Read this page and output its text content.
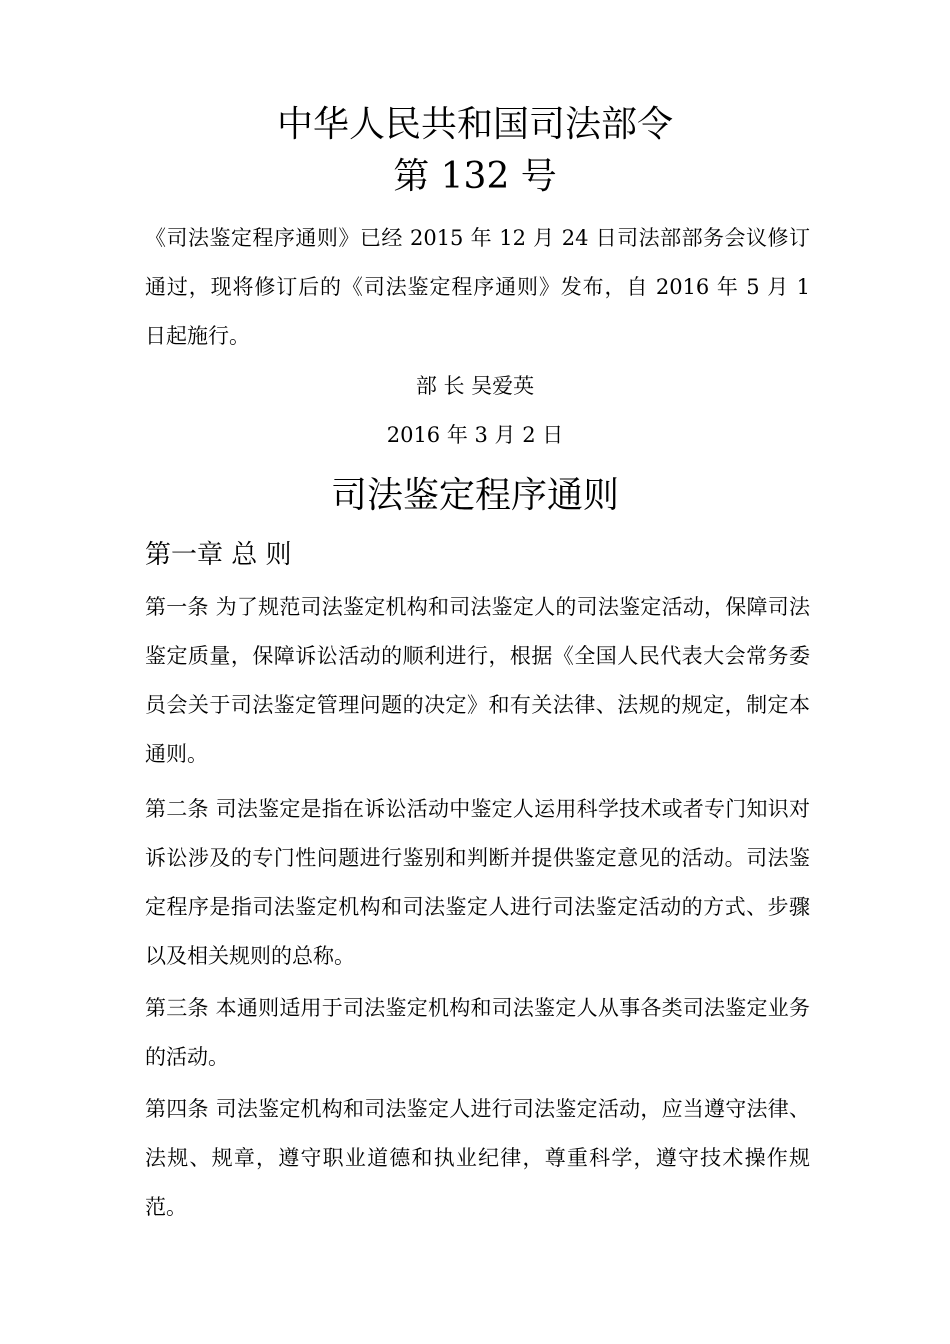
中华人民共和国司法部令
第 132 号

《司法鉴定程序通则》已经 2015 年 12 月 24 日司法部部务会议修订通过，现将修订后的《司法鉴定程序通则》发布，自 2016 年 5 月 1 日起施行。

部 长 吴爱英
2016 年 3 月 2 日
司法鉴定程序通则
第一章 总 则

第一条 为了规范司法鉴定机构和司法鉴定人的司法鉴定活动，保障司法鉴定质量，保障诉讼活动的顺利进行，根据《全国人民代表大会常务委员会关于司法鉴定管理问题的决定》和有关法律、法规的规定，制定本通则。

第二条 司法鉴定是指在诉讼活动中鉴定人运用科学技术或者专门知识对诉讼涉及的专门性问题进行鉴别和判断并提供鉴定意见的活动。司法鉴定程序是指司法鉴定机构和司法鉴定人进行司法鉴定活动的方式、步骤以及相关规则的总称。

第三条 本通则适用于司法鉴定机构和司法鉴定人从事各类司法鉴定业务的活动。

第四条 司法鉴定机构和司法鉴定人进行司法鉴定活动，应当遵守法律、法规、规章，遵守职业道德和执业纪律，尊重科学，遵守技术操作规范。
